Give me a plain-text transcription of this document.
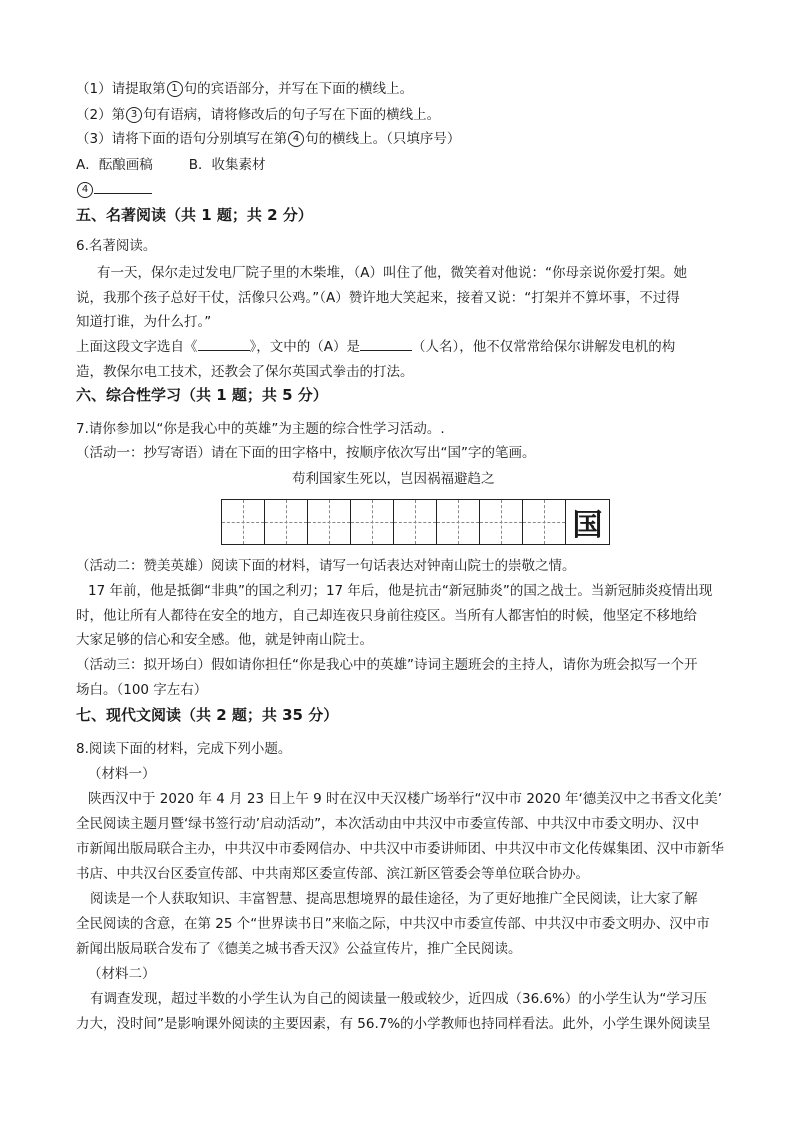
（1）请提取第 1 句的宾语部分，并写在下面的横线上。
（2）第 3 句有语病，请将修改后的句子写在下面的横线上。
（3）请将下面的语句分别填写在第 4 句的横线上。（只填序号）
A．酝酿画稿	B．收集素材
4
五、名著阅读（共 1 题；共 2 分）
6.名著阅读。
有一天，保尔走过发电厂院子里的木柴堆，（A）叫住了他，微笑着对他说：“你母亲说你爱打架。她
说，我那个孩子总好干仗，活像只公鸡。”（A）赞许地大笑起来，接着又说：“打架并不算坏事，不过得
知道打谁，为什么打。”
上面这段文字选自《	》，文中的（A）是	（人名），他不仅常常给保尔讲解发电机的构
造，教保尔电工技术，还教会了保尔英国式拳击的打法。
六、综合性学习（共 1 题；共 5 分）
7.请你参加以“你是我心中的英雄”为主题的综合性学习活动。.
（活动一：抄写寄语）请在下面的田字格中，按顺序依次写出“国”字的笔画。
苟利国家生死以，岂因祸福避趋之
国
（活动二：赞美英雄）阅读下面的材料，请写一句话表达对钟南山院士的崇敬之情。
17 年前，他是抵御“非典”的国之利刃；17 年后，他是抗击“新冠肺炎”的国之战士。当新冠肺炎疫情出现
时，他让所有人都待在安全的地方，自己却连夜只身前往疫区。当所有人都害怕的时候，他坚定不移地给
大家足够的信心和安全感。他，就是钟南山院士。
（活动三：拟开场白）假如请你担任“你是我心中的英雄”诗词主题班会的主持人，请你为班会拟写一个开
场白。（100 字左右）
七、现代文阅读（共 2 题；共 35 分）
8.阅读下面的材料，完成下列小题。
（材料一）
陕西汉中于 2020 年 4 月 23 日上午 9 时在汉中天汉楼广场举行“汉中市 2020 年‘德美汉中之书香文化美’
全民阅读主题月暨‘绿书签行动’启动活动”，本次活动由中共汉中市委宣传部、中共汉中市委文明办、汉中
市新闻出版局联合主办，中共汉中市委网信办、中共汉中市委讲师团、中共汉中市文化传媒集团、汉中市新华
书店、中共汉台区委宣传部、中共南郑区委宣传部、滨江新区管委会等单位联合协办。
阅读是一个人获取知识、丰富智慧、提高思想境界的最佳途径，为了更好地推广全民阅读，让大家了解
全民阅读的含意，在第 25 个“世界读书日”来临之际，中共汉中市委宣传部、中共汉中市委文明办、汉中市
新闻出版局联合发布了《德美之城书香天汉》公益宣传片，推广全民阅读。
（材料二）
有调查发现，超过半数的小学生认为自己的阅读量一般或较少，近四成（36.6%）的小学生认为“学习压
力大，没时间”是影响课外阅读的主要因素，有 56.7%的小学教师也持同样看法。此外，小学生课外阅读呈
